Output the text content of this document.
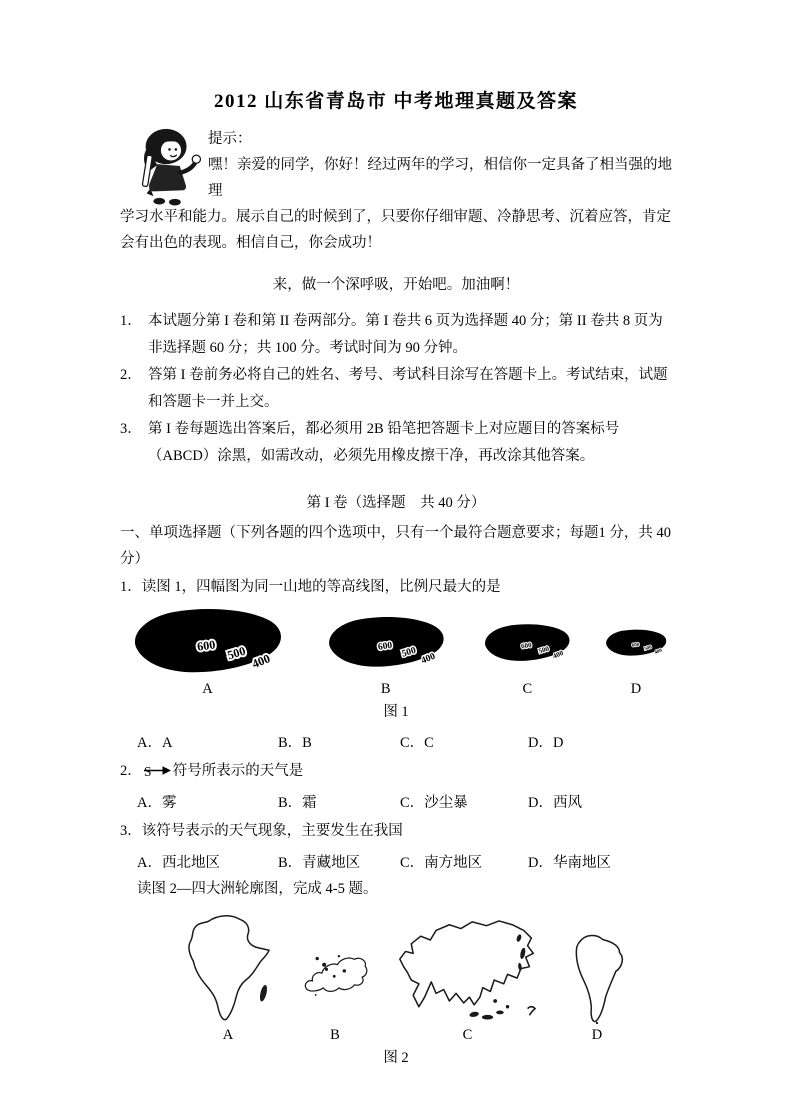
2012 山东省青岛市 中考地理真题及答案
提示：
嘿！亲爱的同学，你好！经过两年的学习，相信你一定具备了相当强的地理
学习水平和能力。展示自己的时候到了，只要你仔细审题、冷静思考、沉着应答，肯定会有出色的表现。相信自己，你会成功！
来，做一个深呼吸，开始吧。加油啊！
1． 本试题分第 I 卷和第 II 卷两部分。第 I 卷共 6 页为选择题 40 分；第 II 卷共 8 页为非选择题 60 分；共 100 分。考试时间为 90 分钟。
2． 答第 I 卷前务必将自己的姓名、考号、考试科目涂写在答题卡上。考试结束，试题和答题卡一并上交。
3． 第 I 卷每题选出答案后，都必须用 2B 铅笔把答题卡上对应题目的答案标号（ABCD）涂黑，如需改动，必须先用橡皮擦干净，再改涂其他答案。
第 I 卷（选择题　共 40 分）
一、单项选择题（下列各题的四个选项中，只有一个最符合题意要求；每题1 分，共 40 分）
1．读图 1，四幅图为同一山地的等高线图，比例尺最大的是
A	B	C	D
图 1
A．A	B．B	C．C	D．D
2． S 符号所表示的天气是
A．雾	B．霜	C．沙尘暴	D．西风
3．该符号表示的天气现象，主要发生在我国
A．西北地区	B．青藏地区	C．南方地区	D．华南地区
读图 2—四大洲轮廓图，完成 4-5 题。
A	B	C	D
图 2
